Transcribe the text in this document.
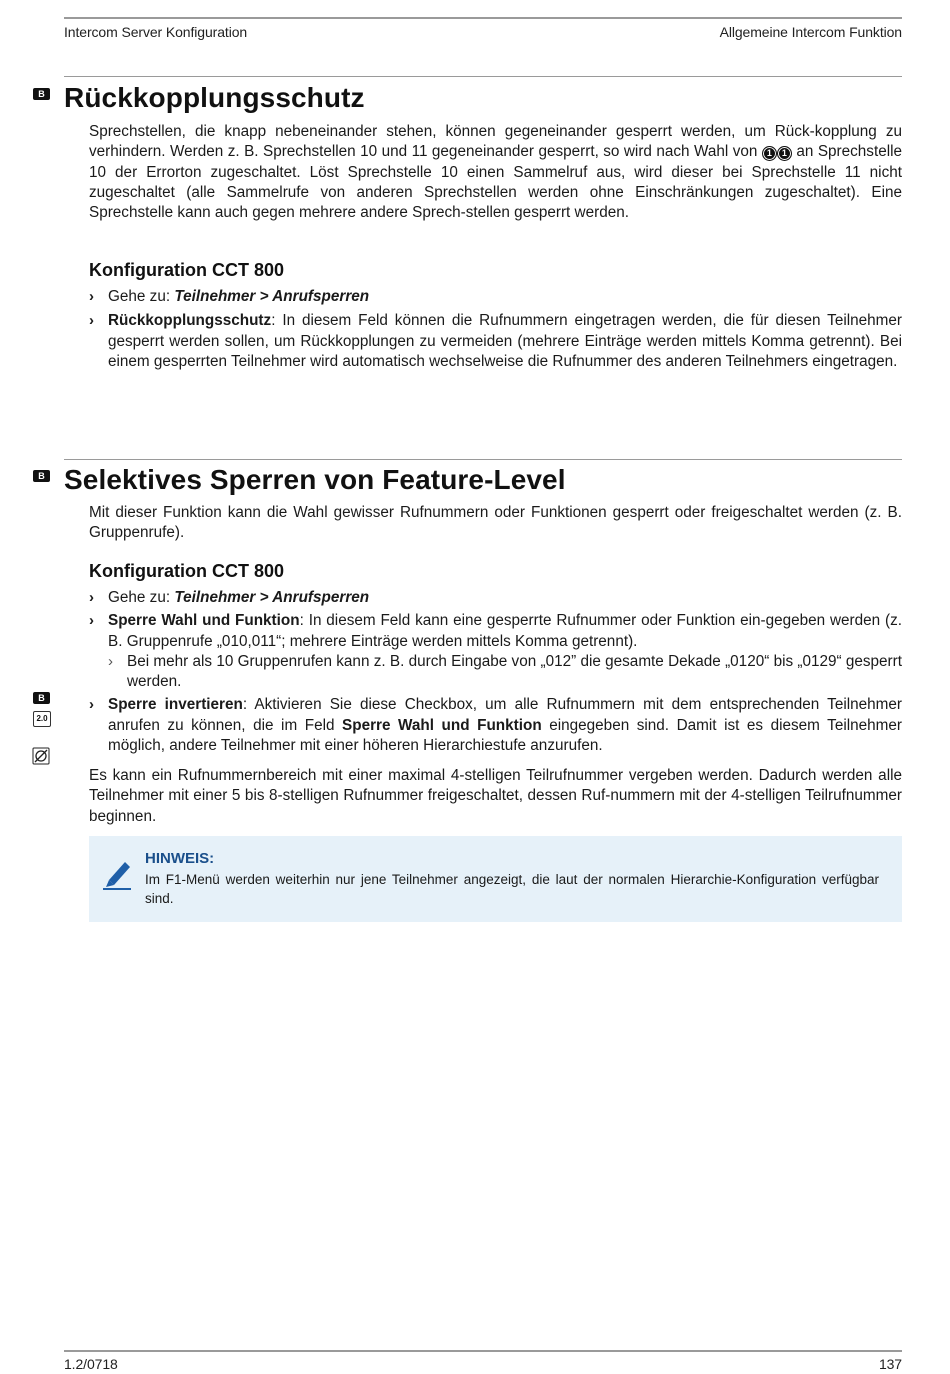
Intercom Server Konfiguration	Allgemeine Intercom Funktion
B Rückkopplungsschutz

Sprechstellen, die knapp nebeneinander stehen, können gegeneinander gesperrt werden, um Rück-kopplung zu verhindern. Werden z. B. Sprechstellen 10 und 11 gegeneinander gesperrt, so wird nach Wahl von 1 1 an Sprechstelle 10 der Errorton zugeschaltet. Löst Sprechstelle 10 einen Sammelruf aus, wird dieser bei Sprechstelle 11 nicht zugeschaltet (alle Sammelrufe von anderen Sprechstellen werden ohne Einschränkungen zugeschaltet). Eine Sprechstelle kann auch gegen mehrere andere Sprech-stellen gesperrt werden.

Konfiguration CCT 800
› Gehe zu: Teilnehmer > Anrufsperren
› Rückkopplungsschutz: In diesem Feld können die Rufnummern eingetragen werden, die für diesen Teilnehmer gesperrt werden sollen, um Rückkopplungen zu vermeiden (mehrere Einträge werden mittels Komma getrennt). Bei einem gesperrten Teilnehmer wird automatisch wechselweise die Rufnummer des anderen Teilnehmers eingetragen.
B Selektives Sperren von Feature-Level

Mit dieser Funktion kann die Wahl gewisser Rufnummern oder Funktionen gesperrt oder freigeschaltet werden (z. B. Gruppenrufe).

Konfiguration CCT 800
› Gehe zu: Teilnehmer > Anrufsperren
› Sperre Wahl und Funktion: In diesem Feld kann eine gesperrte Rufnummer oder Funktion ein-gegeben werden (z. B. Gruppenrufe „010,011“; mehrere Einträge werden mittels Komma getrennt).
› Bei mehr als 10 Gruppenrufen kann z. B. durch Eingabe von „012” die gesamte Dekade „0120“ bis „0129“ gesperrt werden.
› Sperre invertieren: Aktivieren Sie diese Checkbox, um alle Rufnummern mit dem entsprechenden Teilnehmer anrufen zu können, die im Feld Sperre Wahl und Funktion eingegeben sind. Damit ist es diesem Teilnehmer möglich, andere Teilnehmer mit einer höheren Hierarchiestufe anzurufen.
B
2.0

Es kann ein Rufnummernbereich mit einer maximal 4-stelligen Teilrufnummer vergeben werden. Dadurch werden alle Teilnehmer mit einer 5 bis 8-stelligen Rufnummer freigeschaltet, dessen Ruf-nummern mit der 4-stelligen Teilrufnummer beginnen.

HINWEIS:
Im F1-Menü werden weiterhin nur jene Teilnehmer angezeigt, die laut der normalen Hierarchie-Konfiguration verfügbar sind.
1.2/0718	137
